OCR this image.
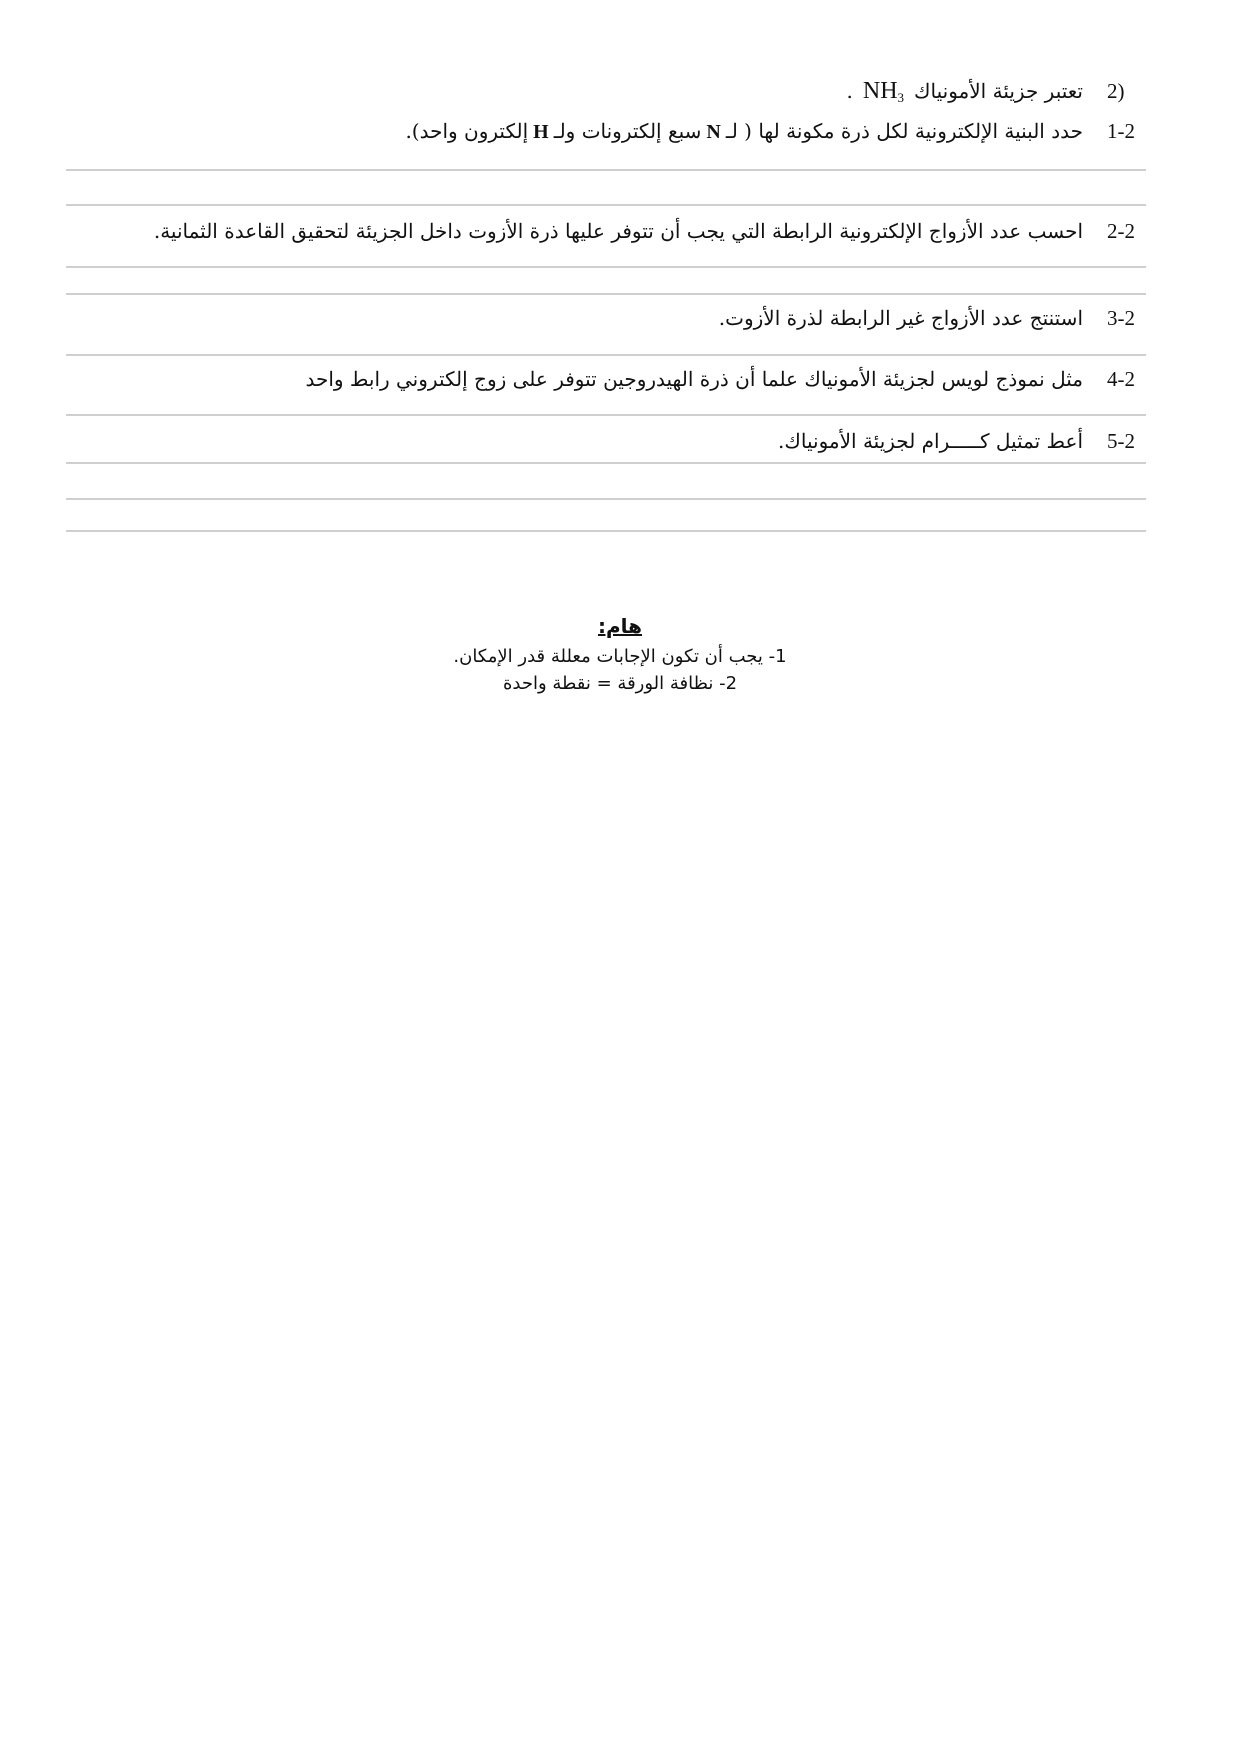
2)تعتبر جزيئة الأمونياكNH$_3$.
1-2حدد البنية الإلكترونية لكل ذرة مكونة لها ( لـNسبع إلكترونات ولـHإلكترون واحد).
2-2احسب عدد الأزواج الإلكترونية الرابطة التي يجب أن تتوفر عليها ذرة الأزوت داخل الجزيئة لتحقيق القاعدة الثمانية.
3-2استنتج عدد الأزواج غير الرابطة لذرة الأزوت.
4-2مثل نموذج لويس لجزيئة الأمونياك علما أن ذرة الهيدروجين تتوفر على زوج إلكتروني رابط واحد
5-2أعط تمثيل كـــــرام لجزيئة الأمونياك.
هام:
1- يجب أن تكون الإجابات معللة قدر الإمكان.
2- نظافة الورقة = نقطة واحدة
